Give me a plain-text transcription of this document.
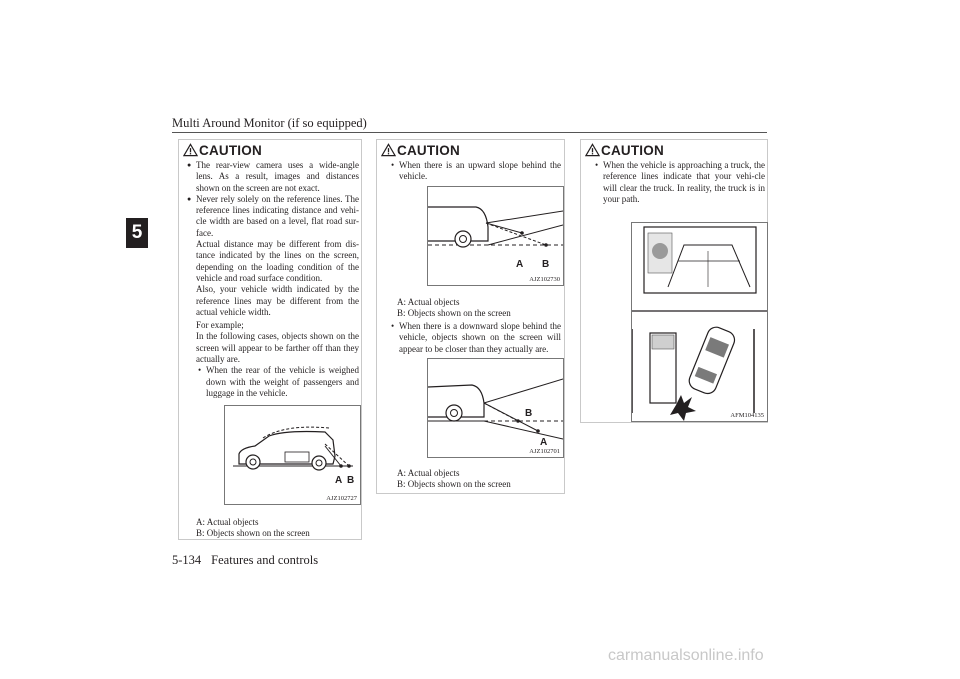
Multi Around Monitor (if so equipped)
5
5-134 Features and controls
carmanualsonline.info
CAUTION
● The rear-view camera uses a wide-angle lens. As a result, images and distances shown on the screen are not exact.
● Never rely solely on the reference lines. The reference lines indicating distance and vehi-cle width are based on a level, flat road sur-face.
Actual distance may be different from dis-tance indicated by the lines on the screen, depending on the loading condition of the vehicle and road surface condition.
Also, your vehicle width indicated by the reference lines may be different from the actual vehicle width.
For example;
In the following cases, objects shown on the screen will appear to be farther off than they actually are.
• When the rear of the vehicle is weighed down with the weight of passengers and luggage in the vehicle.
A B
AJZ102727
A: Actual objects
B: Objects shown on the screen
CAUTION
• When there is an upward slope behind the vehicle.
A B
AJZ102730
A: Actual objects
B: Objects shown on the screen
• When there is a downward slope behind the vehicle, objects shown on the screen will appear to be closer than they actually are.
B
A
AJZ102701
A: Actual objects
B: Objects shown on the screen
CAUTION
• When the vehicle is approaching a truck, the reference lines indicate that your vehi-cle will clear the truck. In reality, the truck is in your path.
AFM104135
